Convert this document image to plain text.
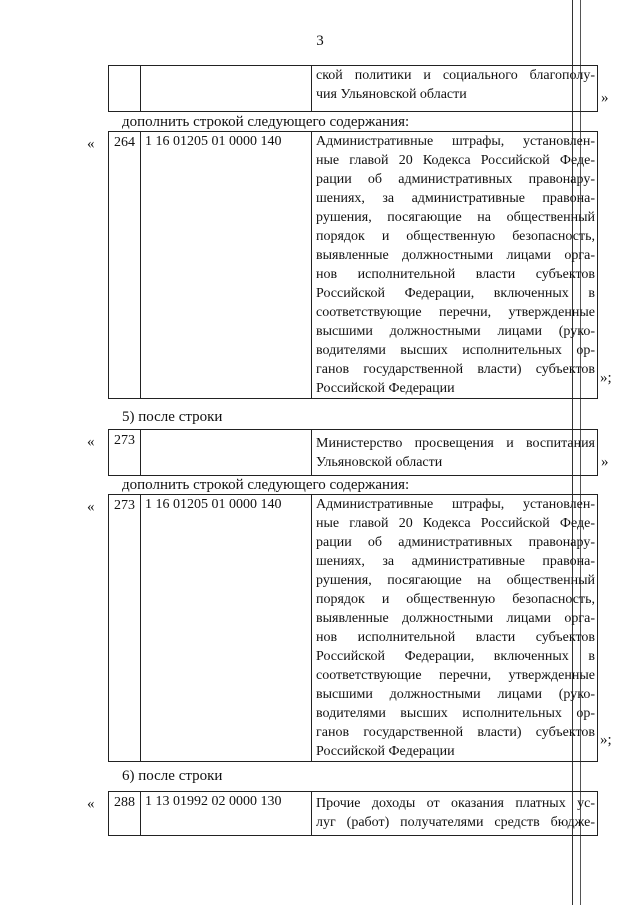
3

ской политики и социального благополу-
чия Ульяновской области	»
дополнить строкой следующего содержания:
« 264	1 16 01205 01 0000 140	Административные штрафы, установлен-
ные главой 20 Кодекса Российской Феде-
рации об административных правонару-
шениях, за административные правона-
рушения, посягающие на общественный
порядок и общественную безопасность,
выявленные должностными лицами орга-
нов исполнительной власти субъектов
Российской Федерации, включенных в
соответствующие перечни, утвержденные
высшими должностными лицами (руко-
водителями высших исполнительных ор-
ганов государственной власти) субъектов
Российской Федерации
»;
5) после строки
« 273		Министерство просвещения и воспитания
Ульяновской области	»
дополнить строкой следующего содержания:
« 273	1 16 01205 01 0000 140	Административные штрафы, установлен-
ные главой 20 Кодекса Российской Феде-
рации об административных правонару-
шениях, за административные правона-
рушения, посягающие на общественный
порядок и общественную безопасность,
выявленные должностными лицами орга-
нов исполнительной власти субъектов
Российской Федерации, включенных в
соответствующие перечни, утвержденные
высшими должностными лицами (руко-
водителями высших исполнительных ор-
ганов государственной власти) субъектов
Российской Федерации
»;
6) после строки
« 288	1 13 01992 02 0000 130	Прочие доходы от оказания платных ус-
луг (работ) получателями средств бюдже-
